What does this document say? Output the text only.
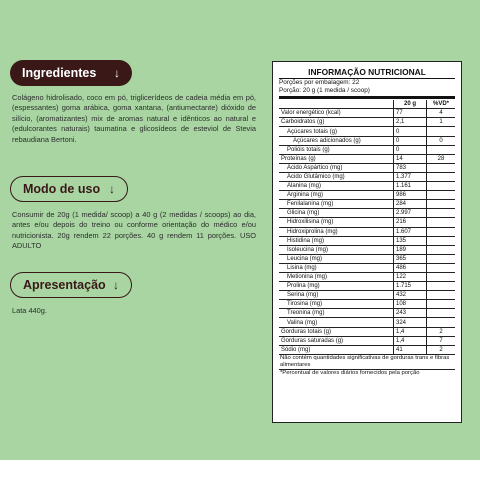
Ingredientes	↓
Colágeno hidrolisado, coco em pó, triglicerídeos de cadeia média em pó, (espessantes) goma arábica, goma xantana, (antiumectante) dióxido de silício, (aromatizantes) mix de aromas natural e idênticos ao natural e (edulcorantes naturais) taumatina e glicosídeos de esteviol de Stevia rebaudiana Bertoni.
Modo de uso ↓
Consumir de 20g (1 medida/ scoop) a 40 g (2 medidas / scoops) ao dia, antes e/ou depois do treino ou conforme orientação do médico e/ou nutricionista. 20g rendem 22 porções. 40 g rendem 11 porções. USO ADULTO
Apresentação ↓
Lata 440g.
INFORMAÇÃO NUTRICIONAL
Porções por embalagem: 22
Porção: 20 g (1 medida / scoop)
	20 g	%VD*
Valor energético (kcal)	77	4
Carboidratos (g)	2,1	1
Açúcares totais (g)	0	
Açúcares adicionados (g)	0	0
Polióis totais (g)	0	
Proteínas (g)	14	28
Ácido Aspártico (mg)	783	
Ácido Glutâmico (mg)	1.377	
Alanina (mg)	1.161	
Arginina (mg)	986	
Fenilalanina (mg)	284	
Glicina (mg)	2.997	
Hidroxilisina (mg)	216	
Hidroxiprolina (mg)	1.607	
Histidina (mg)	135	
Isoleucina (mg)	189	
Leucina (mg)	365	
Lisina (mg)	486	
Metionina (mg)	122	
Prolina (mg)	1.715	
Serina (mg)	432	
Tirosina (mg)	108	
Treonina (mg)	243	
Valina (mg)	324	
Gorduras totais (g)	1,4	2
Gorduras saturadas (g)	1,4	7
Sódio (mg)	41	2
Não contém quantidades significativas de gorduras trans e fibras alimentares
*Percentual de valores diários fornecidos pela porção
